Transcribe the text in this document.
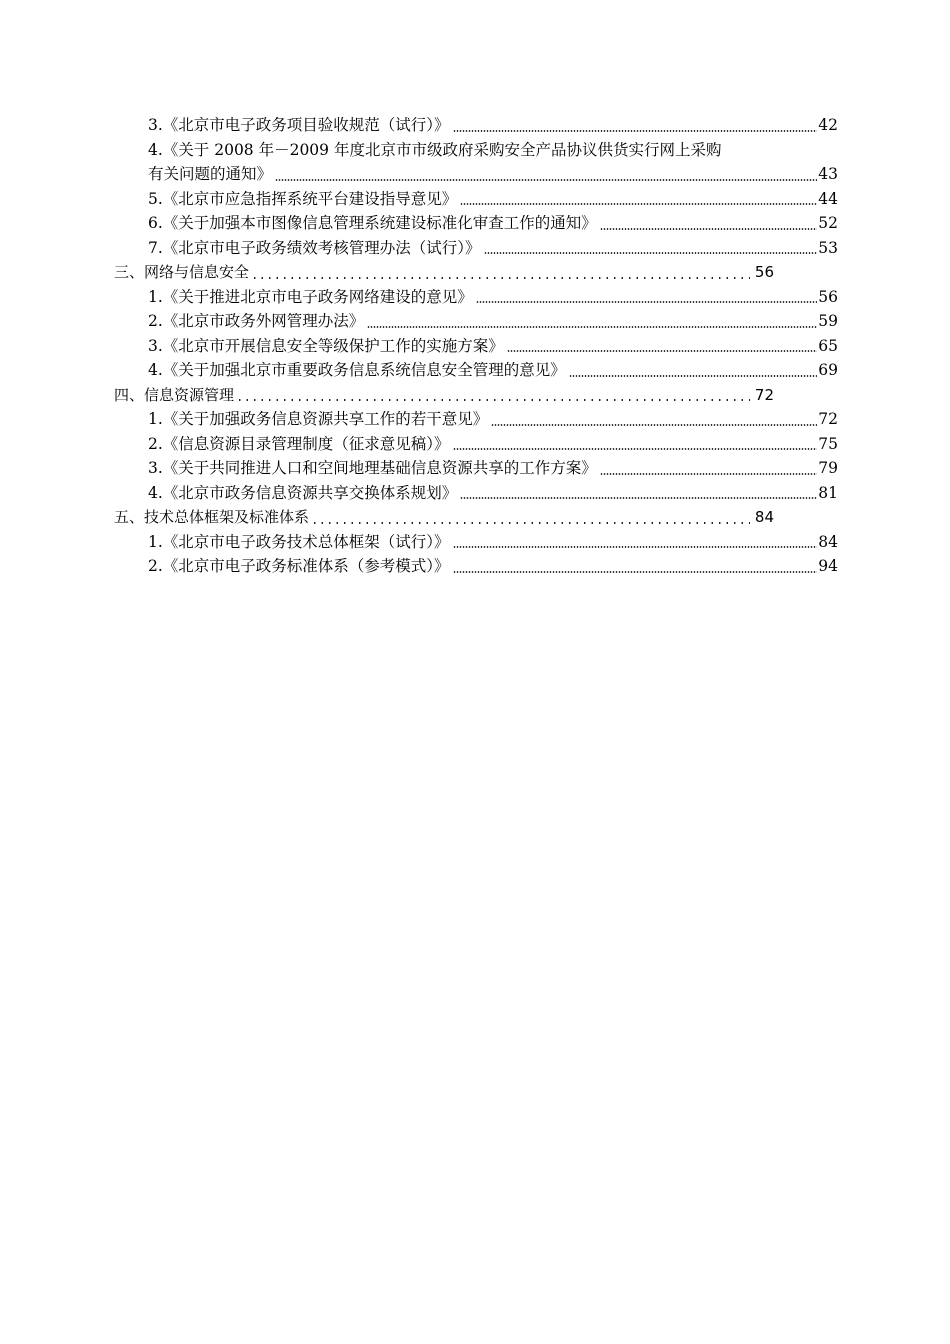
3.《北京市电子政务项目验收规范（试行）》	42
4.《关于 2008 年－2009 年度北京市市级政府采购安全产品协议供货实行网上采购
有关问题的通知》	43
5.《北京市应急指挥系统平台建设指导意见》	44
6.《关于加强本市图像信息管理系统建设标准化审查工作的通知》	52
7.《北京市电子政务绩效考核管理办法（试行）》	53
三、网络与信息安全	56
1.《关于推进北京市电子政务网络建设的意见》	56
2.《北京市政务外网管理办法》	59
3.《北京市开展信息安全等级保护工作的实施方案》	65
4.《关于加强北京市重要政务信息系统信息安全管理的意见》	69
四、信息资源管理	72
1.《关于加强政务信息资源共享工作的若干意见》	72
2.《信息资源目录管理制度（征求意见稿）》	75
3.《关于共同推进人口和空间地理基础信息资源共享的工作方案》	79
4.《北京市政务信息资源共享交换体系规划》	81
五、技术总体框架及标准体系	84
1.《北京市电子政务技术总体框架（试行）》	84
2.《北京市电子政务标准体系（参考模式）》	94
